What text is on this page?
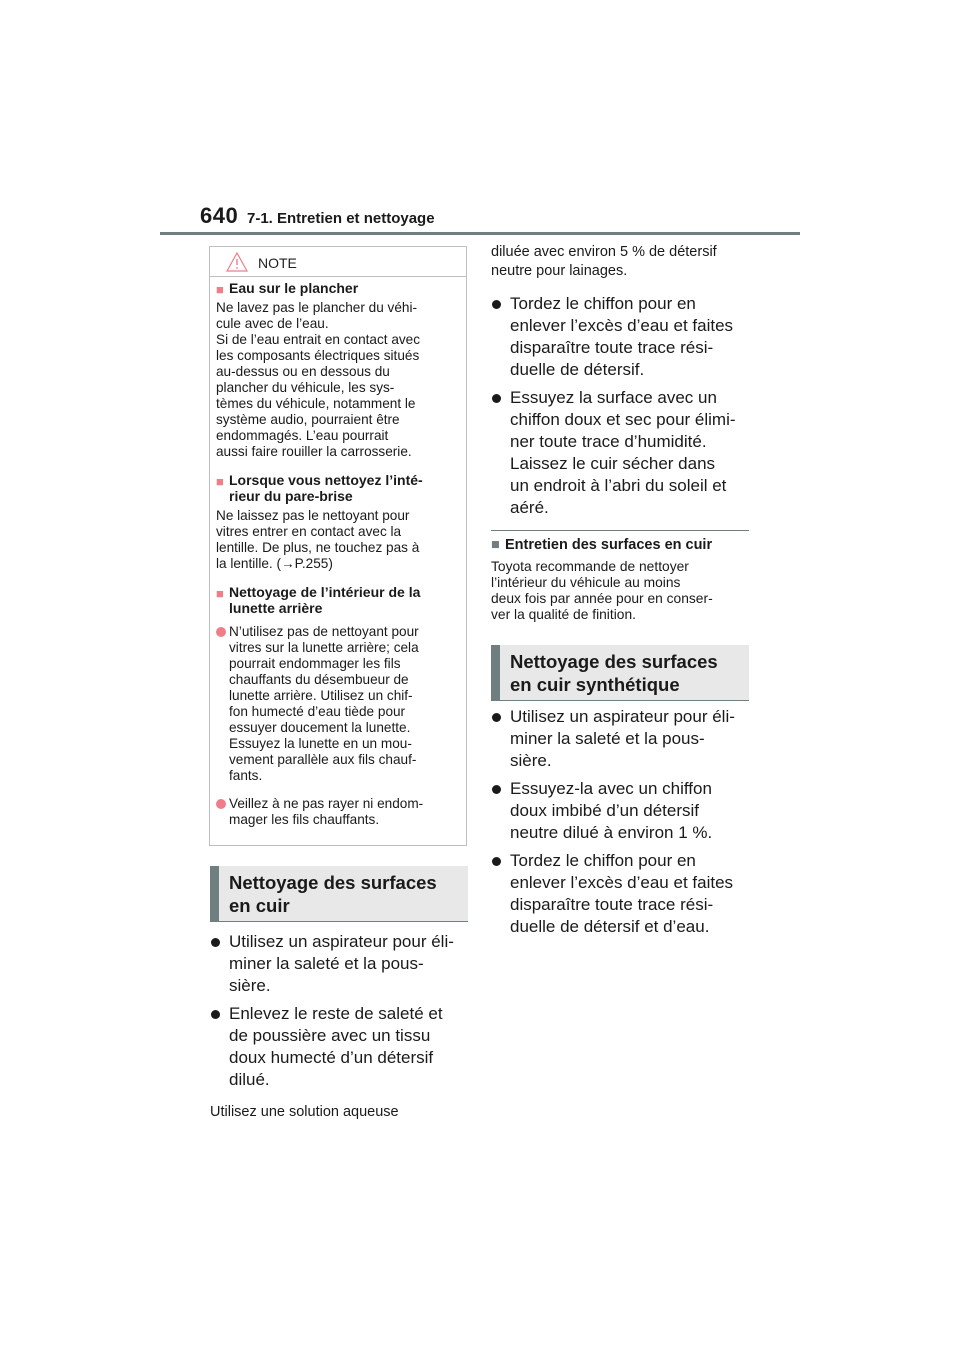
640 7-1. Entretien et nettoyage
NOTE
■ Eau sur le plancher
Ne lavez pas le plancher du véhi-
cule avec de l’eau.
Si de l’eau entrait en contact avec
les composants électriques situés
au-dessus ou en dessous du
plancher du véhicule, les sys-
tèmes du véhicule, notamment le
système audio, pourraient être
endommagés. L’eau pourrait
aussi faire rouiller la carrosserie.
■ Lorsque vous nettoyez l’inté-
rieur du pare-brise
Ne laissez pas le nettoyant pour
vitres entrer en contact avec la
lentille. De plus, ne touchez pas à
la lentille. (→P.255)
■ Nettoyage de l’intérieur de la
lunette arrière
N’utilisez pas de nettoyant pour
vitres sur la lunette arrière; cela
pourrait endommager les fils
chauffants du désembueur de
lunette arrière. Utilisez un chif-
fon humecté d’eau tiède pour
essuyer doucement la lunette.
Essuyez la lunette en un mou-
vement parallèle aux fils chauf-
fants.
Veillez à ne pas rayer ni endom-
mager les fils chauffants.
Nettoyage des surfaces
en cuir
Utilisez un aspirateur pour éli-
miner la saleté et la pous-
sière.
Enlevez le reste de saleté et
de poussière avec un tissu
doux humecté d’un détersif
dilué.
Utilisez une solution aqueuse
diluée avec environ 5 % de détersif
neutre pour lainages.
Tordez le chiffon pour en
enlever l’excès d’eau et faites
disparaître toute trace rési-
duelle de détersif.
Essuyez la surface avec un
chiffon doux et sec pour élimi-
ner toute trace d’humidité.
Laissez le cuir sécher dans
un endroit à l’abri du soleil et
aéré.
■ Entretien des surfaces en cuir
Toyota recommande de nettoyer
l’intérieur du véhicule au moins
deux fois par année pour en conser-
ver la qualité de finition.
Nettoyage des surfaces
en cuir synthétique
Utilisez un aspirateur pour éli-
miner la saleté et la pous-
sière.
Essuyez-la avec un chiffon
doux imbibé d’un détersif
neutre dilué à environ 1 %.
Tordez le chiffon pour en
enlever l’excès d’eau et faites
disparaître toute trace rési-
duelle de détersif et d’eau.
